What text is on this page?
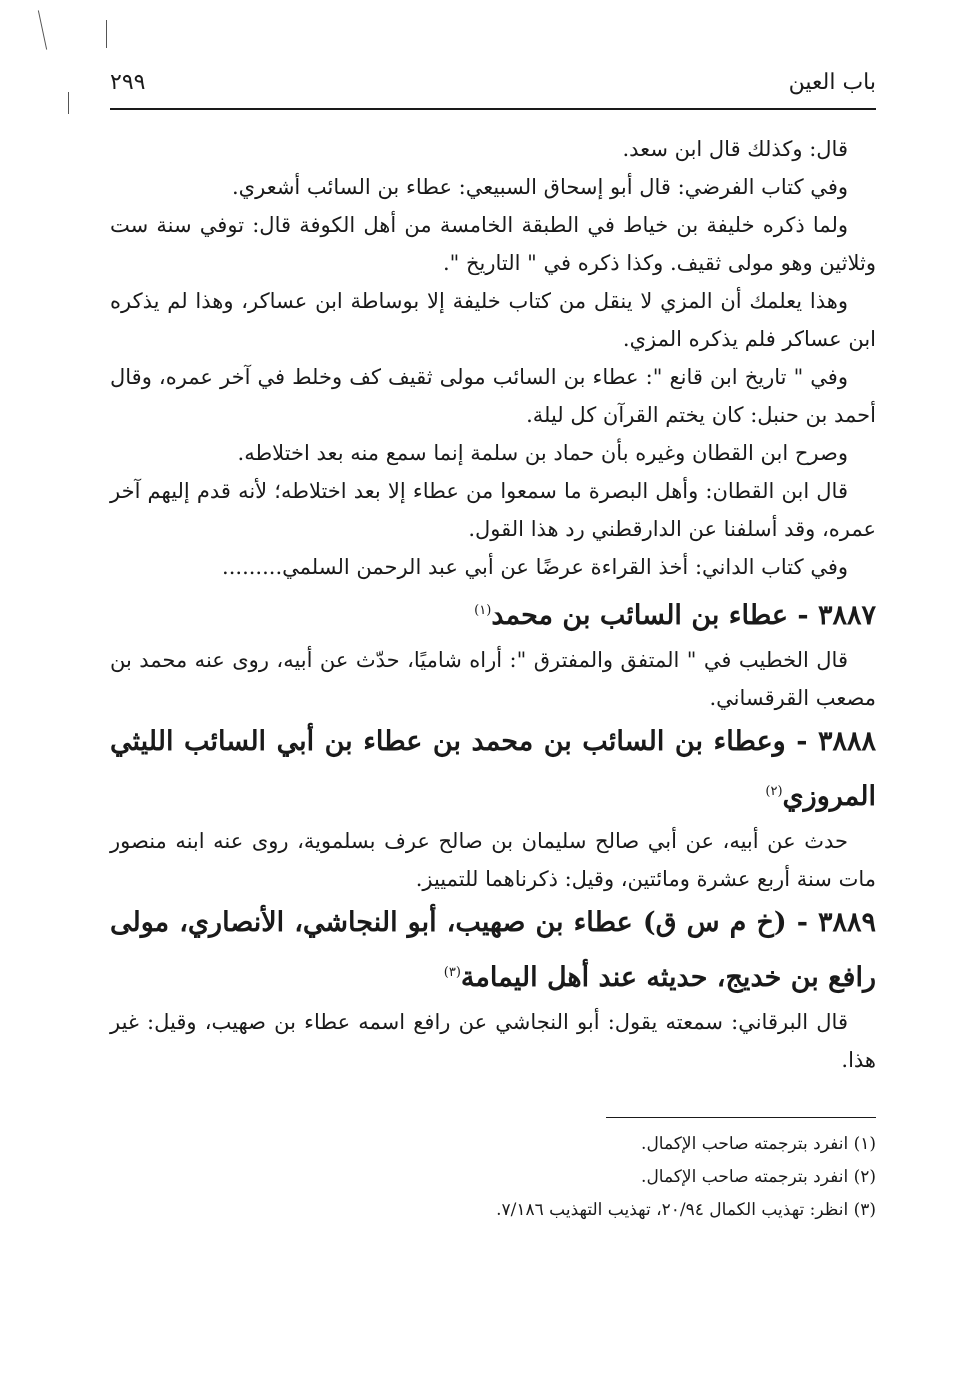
باب العين
٢٩٩

قال: وكذلك قال ابن سعد.

وفي كتاب الفرضي: قال أبو إسحاق السبيعي: عطاء بن السائب أشعري.

ولما ذكره خليفة بن خياط في الطبقة الخامسة من أهل الكوفة قال: توفي سنة ست وثلاثين وهو مولى ثقيف. وكذا ذكره في " التاريخ ".

وهذا يعلمك أن المزي لا ينقل من كتاب خليفة إلا بوساطة ابن عساكر، وهذا لم يذكره ابن عساكر فلم يذكره المزي.

وفي " تاريخ ابن قانع ": عطاء بن السائب مولى ثقيف كف وخلط في آخر عمره، وقال أحمد بن حنبل: كان يختم القرآن كل ليلة.

وصرح ابن القطان وغيره بأن حماد بن سلمة إنما سمع منه بعد اختلاطه.

قال ابن القطان: وأهل البصرة ما سمعوا من عطاء إلا بعد اختلاطه؛ لأنه قدم إليهم آخر عمره، وقد أسلفنا عن الدارقطني رد هذا القول.

وفي كتاب الداني: أخذ القراءة عرضًا عن أبي عبد الرحمن السلمي.........

٣٨٨٧ - عطاء بن السائب بن محمد$^{(١)}$

قال الخطيب في " المتفق والمفترق ": أراه شاميًا، حدّث عن أبيه، روى عنه محمد بن مصعب القرقساني.

٣٨٨٨ - وعطاء بن السائب بن محمد بن عطاء بن أبي السائب الليثي المروزي$^{(٢)}$

حدث عن أبيه، عن أبي صالح سليمان بن صالح عرف بسلموية، روى عنه ابنه منصور مات سنة أربع عشرة ومائتين، وقيل: ذكرناهما للتمييز.

٣٨٨٩ - (خ م س ق) عطاء بن صهيب، أبو النجاشي، الأنصاري، مولى رافع بن خديج، حديثه عند أهل اليمامة$^{(٣)}$

قال البرقاني: سمعته يقول: أبو النجاشي عن رافع اسمه عطاء بن صهيب، وقيل: غير هذا.

(١) انفرد بترجمته صاحب الإكمال.

(٢) انفرد بترجمته صاحب الإكمال.

(٣) انظر: تهذيب الكمال ٢٠/٩٤، تهذيب التهذيب ٧/١٨٦.
